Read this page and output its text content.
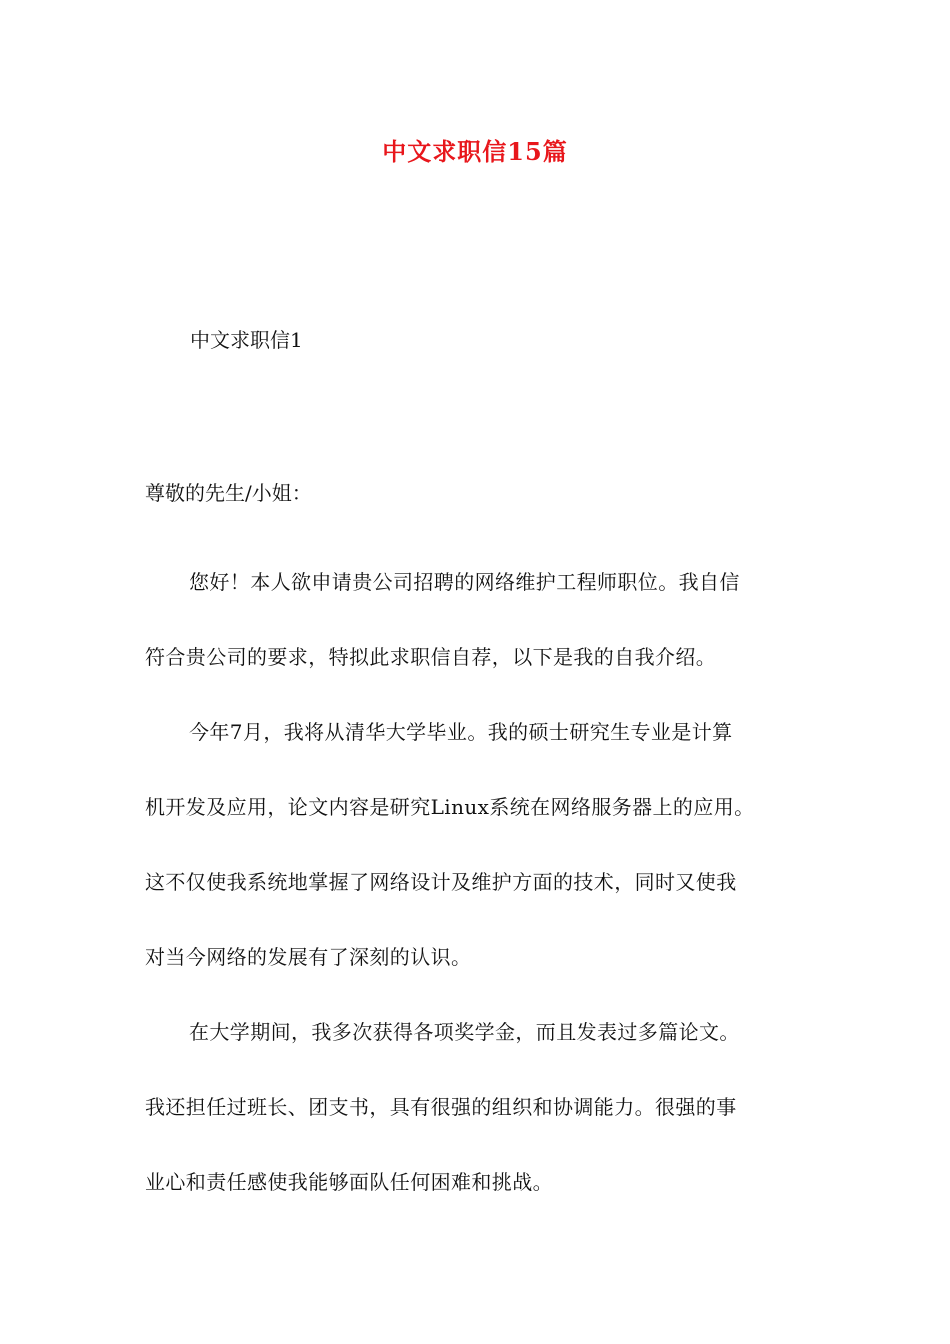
中文求职信15篇
中文求职信1
尊敬的先生/小姐：

您好！本人欲申请贵公司招聘的网络维护工程师职位。我自信
符合贵公司的要求，特拟此求职信自荐，以下是我的自我介绍。

今年7月，我将从清华大学毕业。我的硕士研究生专业是计算
机开发及应用，论文内容是研究Linux系统在网络服务器上的应用。
这不仅使我系统地掌握了网络设计及维护方面的技术，同时又使我
对当今网络的发展有了深刻的认识。

在大学期间，我多次获得各项奖学金，而且发表过多篇论文。
我还担任过班长、团支书，具有很强的组织和协调能力。很强的事
业心和责任感使我能够面队任何困难和挑战。
